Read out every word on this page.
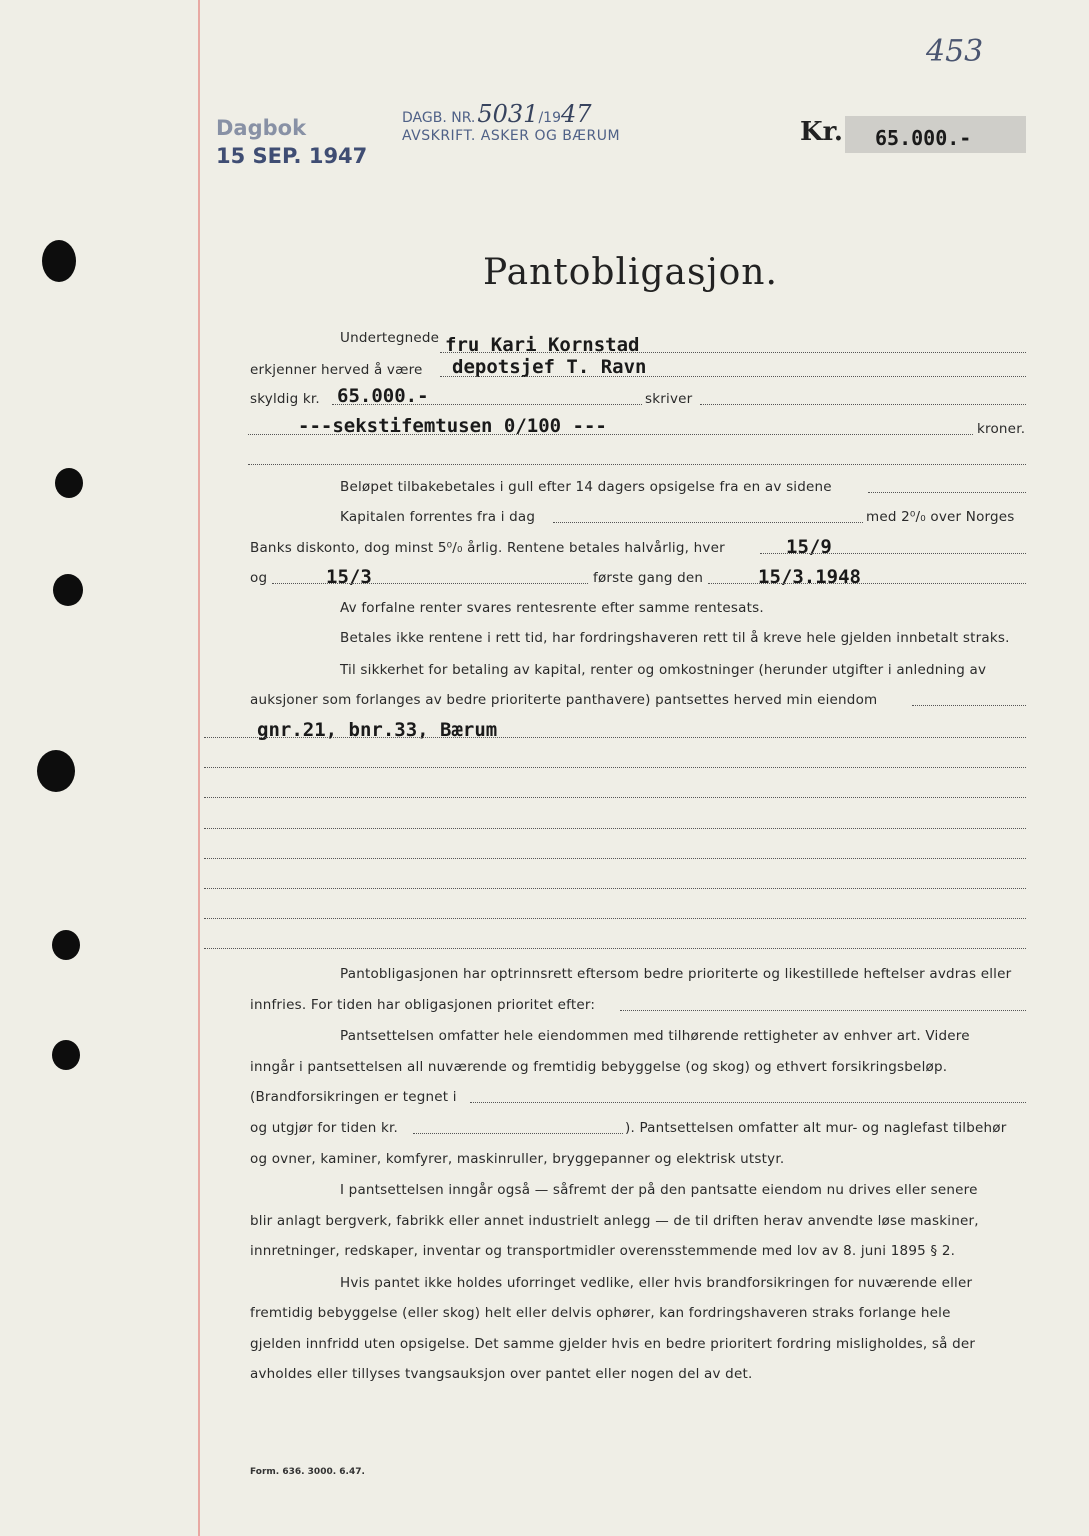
453
DAGB. NR.5031/1947
AVSKRIFT. ASKER OG BÆRUM
Dagbok
15 SEP. 1947
Kr. 65.000.-
Pantobligasjon.
Undertegnede fru Kari Kornstad
erkjenner herved å være depotsjef T. Ravn
skyldig kr. 65.000.-	skriver
---sekstifemtusen 0/100 ---	kroner.
Beløpet tilbakebetales i gull efter 14 dagers opsigelse fra en av sidene
Kapitalen forrentes fra i dag	med 2⁰/₀ over Norges
Banks diskonto, dog minst 5⁰/₀ årlig. Rentene betales halvårlig, hver	15/9
og	15/3	første gang den	15/3.1948
Av forfalne renter svares rentesrente efter samme rentesats.
Betales ikke rentene i rett tid, har fordringshaveren rett til å kreve hele gjelden innbetalt straks.
Til sikkerhet for betaling av kapital, renter og omkostninger (herunder utgifter i anledning av
auksjoner som forlanges av bedre prioriterte panthavere) pantsettes herved min eiendom
gnr.21, bnr.33, Bærum
Pantobligasjonen har optrinnsrett eftersom bedre prioriterte og likestillede heftelser avdras eller
innfries. For tiden har obligasjonen prioritet efter:
Pantsettelsen omfatter hele eiendommen med tilhørende rettigheter av enhver art. Videre
inngår i pantsettelsen all nuværende og fremtidig bebyggelse (og skog) og ethvert forsikringsbeløp.
(Brandforsikringen er tegnet i
og utgjør for tiden kr.	). Pantsettelsen omfatter alt mur- og naglefast tilbehør
og ovner, kaminer, komfyrer, maskinruller, bryggepanner og elektrisk utstyr.
I pantsettelsen inngår også — såfremt der på den pantsatte eiendom nu drives eller senere
blir anlagt bergverk, fabrikk eller annet industrielt anlegg — de til driften herav anvendte løse maskiner,
innretninger, redskaper, inventar og transportmidler overensstemmende med lov av 8. juni 1895 § 2.
Hvis pantet ikke holdes uforringet vedlike, eller hvis brandforsikringen for nuværende eller
fremtidig bebyggelse (eller skog) helt eller delvis ophører, kan fordringshaveren straks forlange hele
gjelden innfridd uten opsigelse. Det samme gjelder hvis en bedre prioritert fordring misligholdes, så der
avholdes eller tillyses tvangsauksjon over pantet eller nogen del av det.
Form. 636. 3000. 6.47.
